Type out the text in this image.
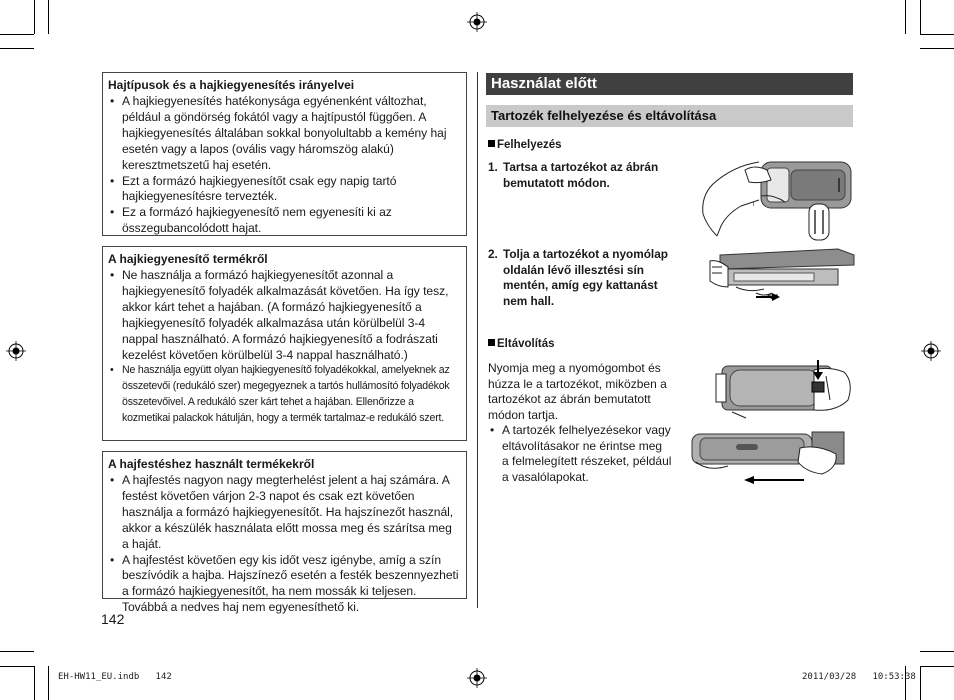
Hajtípusok és a hajkiegyenesítés irányelvei
• A hajkiegyenesítés hatékonysága egyénenként változhat, például a göndörség fokától vagy a hajtípustól függően. A hajkiegyenesítés általában sokkal bonyolultabb a kemény haj esetén vagy a lapos (ovális vagy háromszög alakú) keresztmetszetű haj esetén.
• Ezt a formázó hajkiegyenesítőt csak egy napig tartó hajkiegyenesítésre tervezték.
• Ez a formázó hajkiegyenesítő nem egyenesíti ki az összegubancolódott hajat.
A hajkiegyenesítő termékről
• Ne használja a formázó hajkiegyenesítőt azonnal a hajkiegyenesítő folyadék alkalmazását követően. Ha így tesz, akkor kárt tehet a hajában. (A formázó hajkiegyenesítő a hajkiegyenesítő folyadék alkalmazása után körülbelül 3-4 nappal használható. A formázó hajkiegyenesítő a fodrászati kezelést követően körülbelül 3-4 nappal használható.)
• Ne használja együtt olyan hajkiegyenesítő folyadékokkal, amelyeknek az összetevői (redukáló szer) megegyeznek a tartós hullámosító folyadékok összetevőivel. A redukáló szer kárt tehet a hajában. Ellenőrizze a kozmetikai palackok hátulján, hogy a termék tartalmaz-e redukáló szert.
A hajfestéshez használt termékekről
• A hajfestés nagyon nagy megterhelést jelent a haj számára. A festést követően várjon 2-3 napot és csak ezt követően használja a formázó hajkiegyenesítőt. Ha hajszínezőt használ, akkor a készülék használata előtt mossa meg és szárítsa meg a haját.
• A hajfestést követően egy kis időt vesz igénybe, amíg a szín beszívódik a hajba. Hajszínező esetén a festék beszennyezheti a formázó hajkiegyenesítőt, ha nem mossák ki teljesen. Továbbá a nedves haj nem egyenesíthető ki.
142
Használat előtt
Tartozék felhelyezése és eltávolítása
Felhelyezés
1. Tartsa a tartozékot az ábrán bemutatott módon.
2. Tolja a tartozékot a nyomólap oldalán lévő illesztési sín mentén, amíg egy kattanást nem hall.
Eltávolítás
Nyomja meg a nyomógombot és húzza le a tartozékot, miközben a tartozékot az ábrán bemutatott módon tartja.
• A tartozék felhelyezésekor vagy eltávolításakor ne érintse meg a felmelegített részeket, például a vasalólapokat.
l
EH-HW11_EU.indb   142	2011/03/28   10:53:38
